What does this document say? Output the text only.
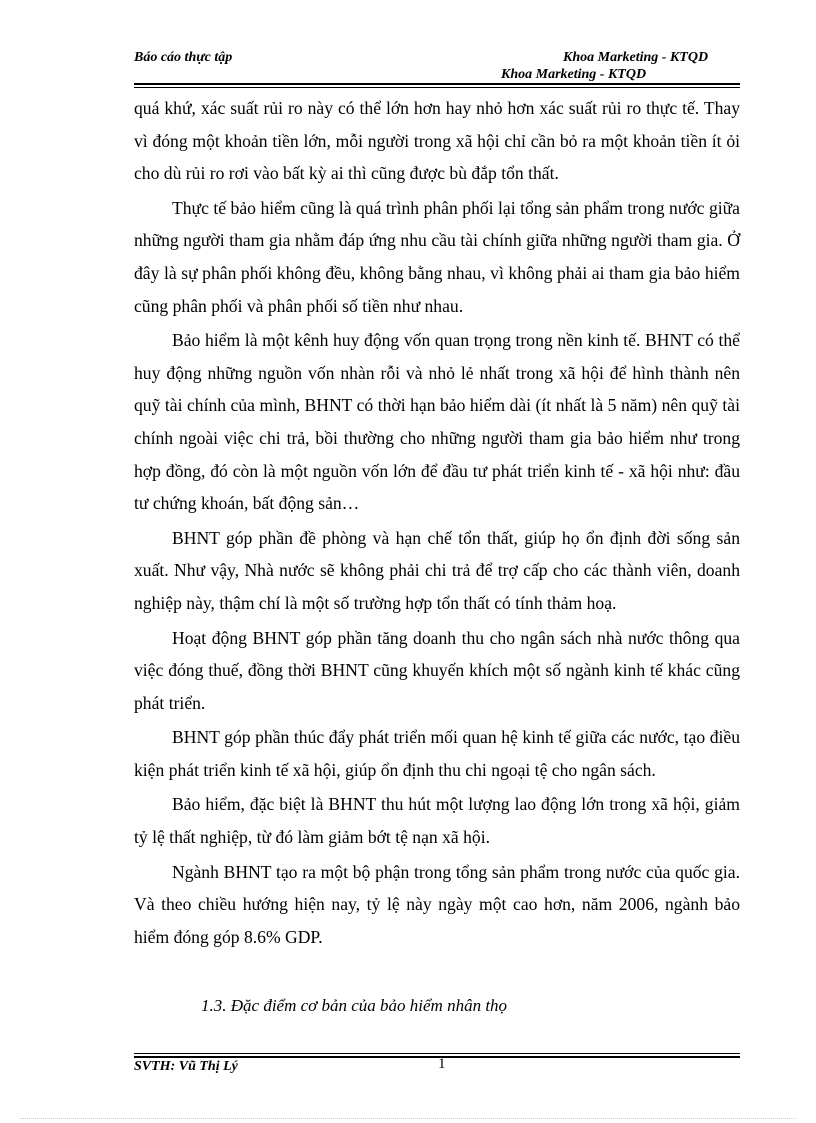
Báo cáo thực tập	Khoa Marketing - KTQD
Khoa Marketing - KTQD

quá khứ, xác suất rủi ro này có thể lớn hơn hay nhỏ hơn xác suất rủi ro thực tế. Thay vì đóng một khoản tiền lớn, mỗi người trong xã hội chỉ cần bỏ ra một khoản tiền ít ỏi cho dù rủi ro rơi vào bất kỳ ai thì cũng được bù đắp tổn thất.

Thực tế bảo hiểm cũng là quá trình phân phối lại tổng sản phẩm trong nước giữa những người tham gia nhằm đáp ứng nhu cầu tài chính giữa những người tham gia. Ở đây là sự phân phối không đều, không bằng nhau, vì không phải ai tham gia bảo hiểm cũng phân phối và phân phối số tiền như nhau.

Bảo hiểm là một kênh huy động vốn quan trọng trong nền kinh tế. BHNT có thể huy động những nguồn vốn nhàn rỗi và nhỏ lẻ nhất trong xã hội để hình thành nên quỹ tài chính của mình, BHNT có thời hạn bảo hiểm dài (ít nhất là 5 năm) nên quỹ tài chính ngoài việc chi trả, bồi thường cho những người tham gia bảo hiểm như trong hợp đồng, đó còn là một nguồn vốn lớn để đầu tư phát triển kinh tế - xã hội như: đầu tư chứng khoán, bất động sản…

BHNT góp phần đề phòng và hạn chế tổn thất, giúp họ ổn định đời sống sản xuất. Như vậy, Nhà nước sẽ không phải chi trả để trợ cấp cho các thành viên, doanh nghiệp này, thậm chí là một số trường hợp tổn thất có tính thảm hoạ.

Hoạt động BHNT góp phần tăng doanh thu cho ngân sách nhà nước thông qua việc đóng thuế, đồng thời BHNT cũng khuyến khích một số ngành kinh tế khác cũng phát triển.

BHNT góp phần thúc đẩy phát triển mối quan hệ kinh tế giữa các nước, tạo điều kiện phát triển kinh tế xã hội, giúp ổn định thu chi ngoại tệ cho ngân sách.

Bảo hiểm, đặc biệt là BHNT thu hút một lượng lao động lớn trong xã hội, giảm tỷ lệ thất nghiệp, từ đó làm giảm bớt tệ nạn xã hội.

Ngành BHNT tạo ra một bộ phận trong tổng sản phẩm trong nước của quốc gia. Và theo chiều hướng hiện nay, tỷ lệ này ngày một cao hơn, năm 2006, ngành bảo hiểm đóng góp 8.6% GDP.

1.3. Đặc điểm cơ bản của bảo hiểm nhân thọ
SVTH: Vũ Thị Lý	1
